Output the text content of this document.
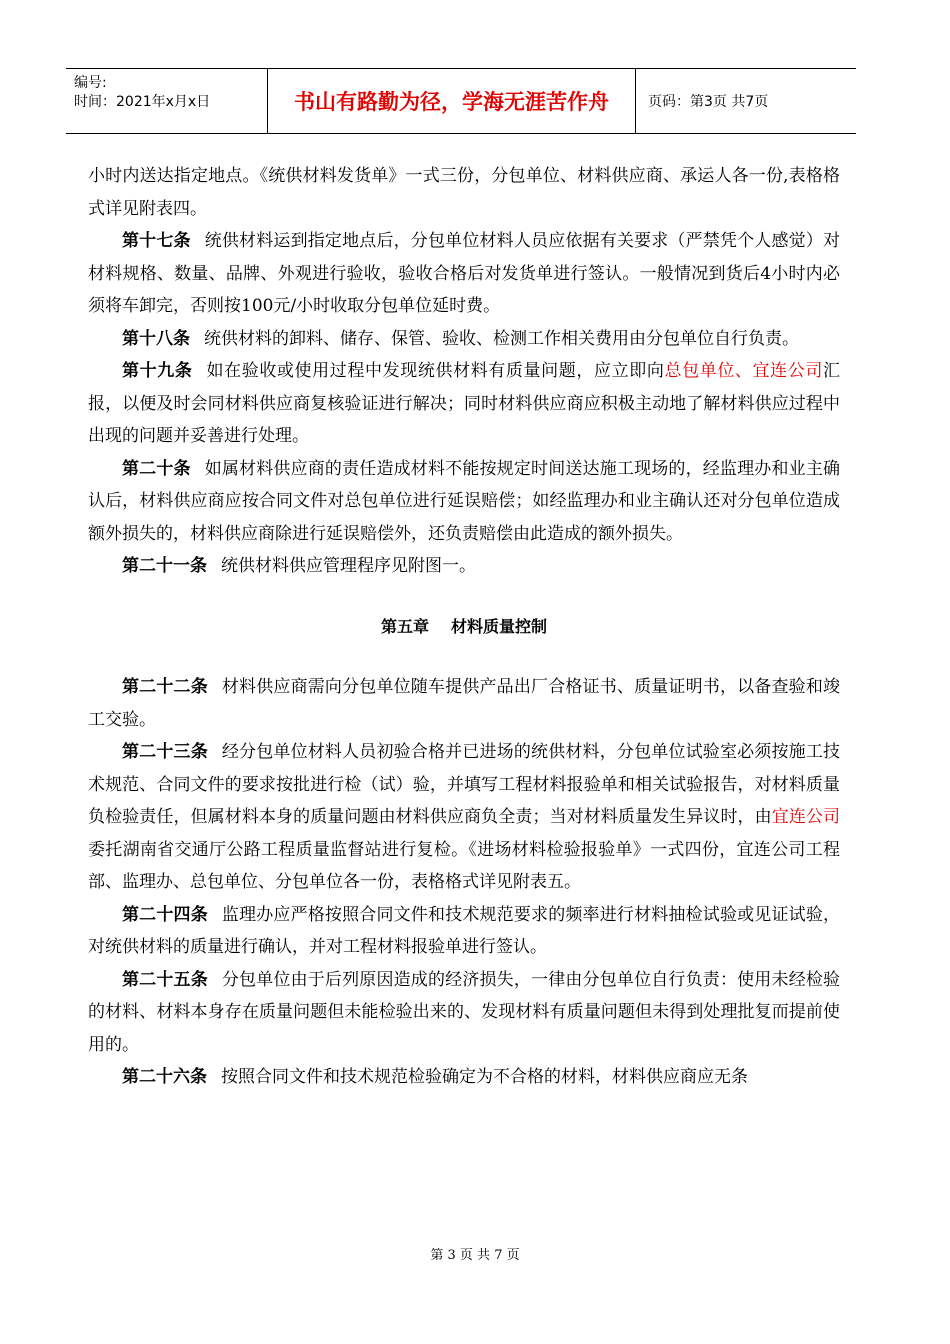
编号:
时间：2021年x月x日	书山有路勤为径，学海无涯苦作舟	页码：第3页 共7页

小时内送达指定地点。《统供材料发货单》一式三份，分包单位、材料供应商、承运人各一份,表格格式详见附表四。

第十七条 统供材料运到指定地点后，分包单位材料人员应依据有关要求（严禁凭个人感觉）对材料规格、数量、品牌、外观进行验收，验收合格后对发货单进行签认。一般情况到货后4小时内必须将车卸完，否则按100元/小时收取分包单位延时费。

第十八条 统供材料的卸料、储存、保管、验收、检测工作相关费用由分包单位自行负责。

第十九条 如在验收或使用过程中发现统供材料有质量问题，应立即向总包单位、宜连公司汇报，以便及时会同材料供应商复核验证进行解决；同时材料供应商应积极主动地了解材料供应过程中出现的问题并妥善进行处理。

第二十条 如属材料供应商的责任造成材料不能按规定时间送达施工现场的，经监理办和业主确认后，材料供应商应按合同文件对总包单位进行延误赔偿；如经监理办和业主确认还对分包单位造成额外损失的，材料供应商除进行延误赔偿外，还负责赔偿由此造成的额外损失。

第二十一条 统供材料供应管理程序见附图一。

第五章 材料质量控制

第二十二条 材料供应商需向分包单位随车提供产品出厂合格证书、质量证明书，以备查验和竣工交验。

第二十三条 经分包单位材料人员初验合格并已进场的统供材料，分包单位试验室必须按施工技术规范、合同文件的要求按批进行检（试）验，并填写工程材料报验单和相关试验报告，对材料质量负检验责任，但属材料本身的质量问题由材料供应商负全责；当对材料质量发生异议时，由宜连公司委托湖南省交通厅公路工程质量监督站进行复检。《进场材料检验报验单》一式四份，宜连公司工程部、监理办、总包单位、分包单位各一份，表格格式详见附表五。

第二十四条 监理办应严格按照合同文件和技术规范要求的频率进行材料抽检试验或见证试验，对统供材料的质量进行确认，并对工程材料报验单进行签认。

第二十五条 分包单位由于后列原因造成的经济损失，一律由分包单位自行负责：使用未经检验的材料、材料本身存在质量问题但未能检验出来的、发现材料有质量问题但未得到处理批复而提前使用的。

第二十六条 按照合同文件和技术规范检验确定为不合格的材料，材料供应商应无条

第 3 页 共 7 页
